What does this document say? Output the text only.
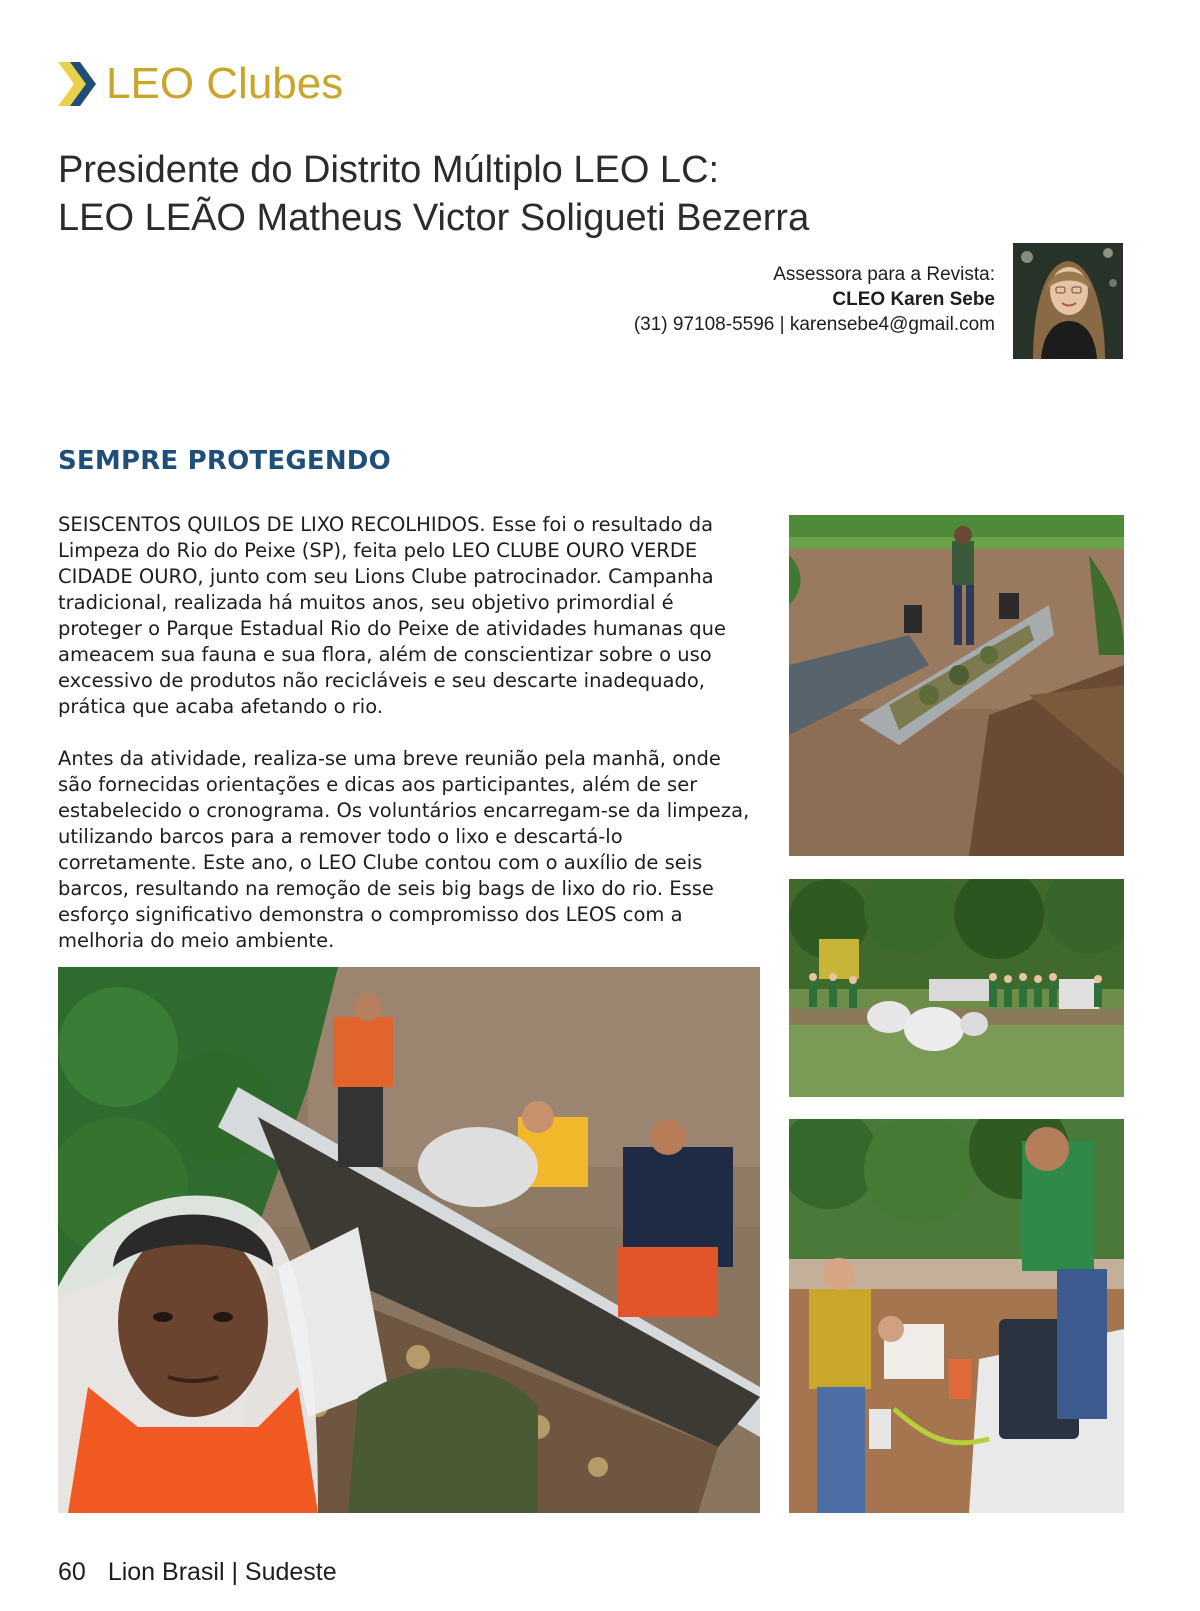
LEO Clubes
Presidente do Distrito Múltiplo LEO LC:
LEO LEÃO Matheus Victor Soligueti Bezerra
Assessora para a Revista:
CLEO Karen Sebe
(31) 97108-5596 | karensebe4@gmail.com
SEMPRE PROTEGENDO

SEISCENTOS QUILOS DE LIXO RECOLHIDOS. Esse foi o resultado da Limpeza do Rio do Peixe (SP), feita pelo LEO CLUBE OURO VERDE CIDADE OURO, junto com seu Lions Clube patrocinador. Campanha tradicional, realizada há muitos anos, seu objetivo primordial é proteger o Parque Estadual Rio do Peixe de atividades humanas que ameacem sua fauna e sua flora, além de conscientizar sobre o uso excessivo de produtos não recicláveis e seu descarte inadequado, prática que acaba afetando o rio.

Antes da atividade, realiza-se uma breve reunião pela manhã, onde são fornecidas orientações e dicas aos participantes, além de ser estabelecido o cronograma. Os voluntários encarregam-se da limpeza, utilizando barcos para a remover todo o lixo e descartá-lo corretamente. Este ano, o LEO Clube contou com o auxílio de seis barcos, resultando na remoção de seis big bags de lixo do rio. Esse esforço significativo demonstra o compromisso dos LEOS com a melhoria do meio ambiente.

60 Lion Brasil | Sudeste
